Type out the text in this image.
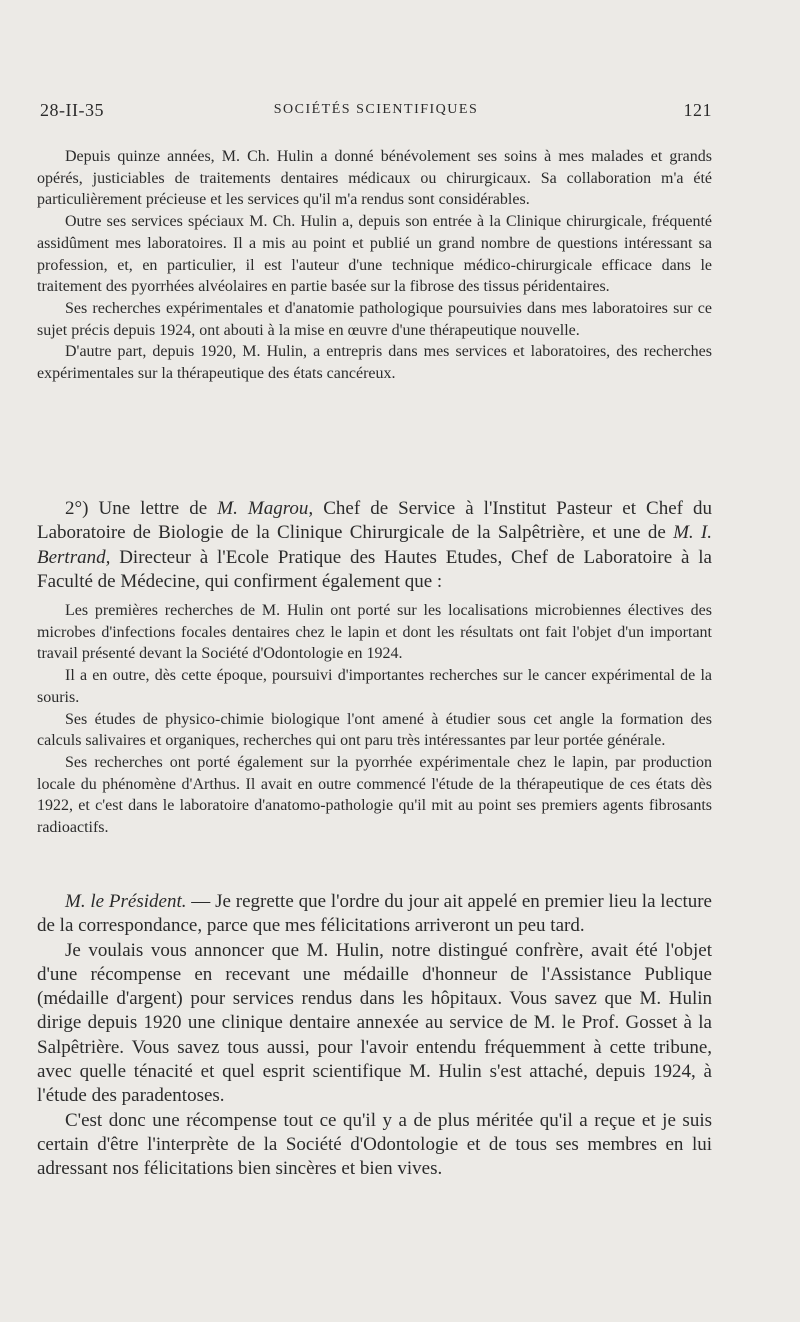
28-II-35	SOCIÉTÉS SCIENTIFIQUES	121

Depuis quinze années, M. Ch. Hulin a donné bénévolement ses soins à mes malades et grands opérés, justiciables de traitements dentaires médicaux ou chirurgicaux. Sa collaboration m'a été particulièrement précieuse et les services qu'il m'a rendus sont considérables.

Outre ses services spéciaux M. Ch. Hulin a, depuis son entrée à la Clinique chirurgicale, fréquenté assidûment mes laboratoires. Il a mis au point et publié un grand nombre de questions intéressant sa profession, et, en particulier, il est l'auteur d'une technique médico-chirurgicale efficace dans le traitement des pyorrhées alvéolaires en partie basée sur la fibrose des tissus péridentaires.

Ses recherches expérimentales et d'anatomie pathologique poursuivies dans mes laboratoires sur ce sujet précis depuis 1924, ont abouti à la mise en œuvre d'une thérapeutique nouvelle.

D'autre part, depuis 1920, M. Hulin, a entrepris dans mes services et laboratoires, des recherches expérimentales sur la thérapeutique des états cancéreux.

2°) Une lettre de M. Magrou, Chef de Service à l'Institut Pasteur et Chef du Laboratoire de Biologie de la Clinique Chirurgicale de la Salpêtrière, et une de M. I. Bertrand, Directeur à l'Ecole Pratique des Hautes Etudes, Chef de Laboratoire à la Faculté de Médecine, qui confirment également que :

Les premières recherches de M. Hulin ont porté sur les localisations microbiennes électives des microbes d'infections focales dentaires chez le lapin et dont les résultats ont fait l'objet d'un important travail présenté devant la Société d'Odontologie en 1924.

Il a en outre, dès cette époque, poursuivi d'importantes recherches sur le cancer expérimental de la souris.

Ses études de physico-chimie biologique l'ont amené à étudier sous cet angle la formation des calculs salivaires et organiques, recherches qui ont paru très intéressantes par leur portée générale.

Ses recherches ont porté également sur la pyorrhée expérimentale chez le lapin, par production locale du phénomène d'Arthus. Il avait en outre commencé l'étude de la thérapeutique de ces états dès 1922, et c'est dans le laboratoire d'anatomo-pathologie qu'il mit au point ses premiers agents fibrosants radioactifs.

M. le Président. — Je regrette que l'ordre du jour ait appelé en premier lieu la lecture de la correspondance, parce que mes félicitations arriveront un peu tard.

Je voulais vous annoncer que M. Hulin, notre distingué confrère, avait été l'objet d'une récompense en recevant une médaille d'honneur de l'Assistance Publique (médaille d'argent) pour services rendus dans les hôpitaux. Vous savez que M. Hulin dirige depuis 1920 une clinique dentaire annexée au service de M. le Prof. Gosset à la Salpêtrière. Vous savez tous aussi, pour l'avoir entendu fréquemment à cette tribune, avec quelle ténacité et quel esprit scientifique M. Hulin s'est attaché, depuis 1924, à l'étude des paradentoses.

C'est donc une récompense tout ce qu'il y a de plus méritée qu'il a reçue et je suis certain d'être l'interprète de la Société d'Odontologie et de tous ses membres en lui adressant nos félicitations bien sincères et bien vives.
